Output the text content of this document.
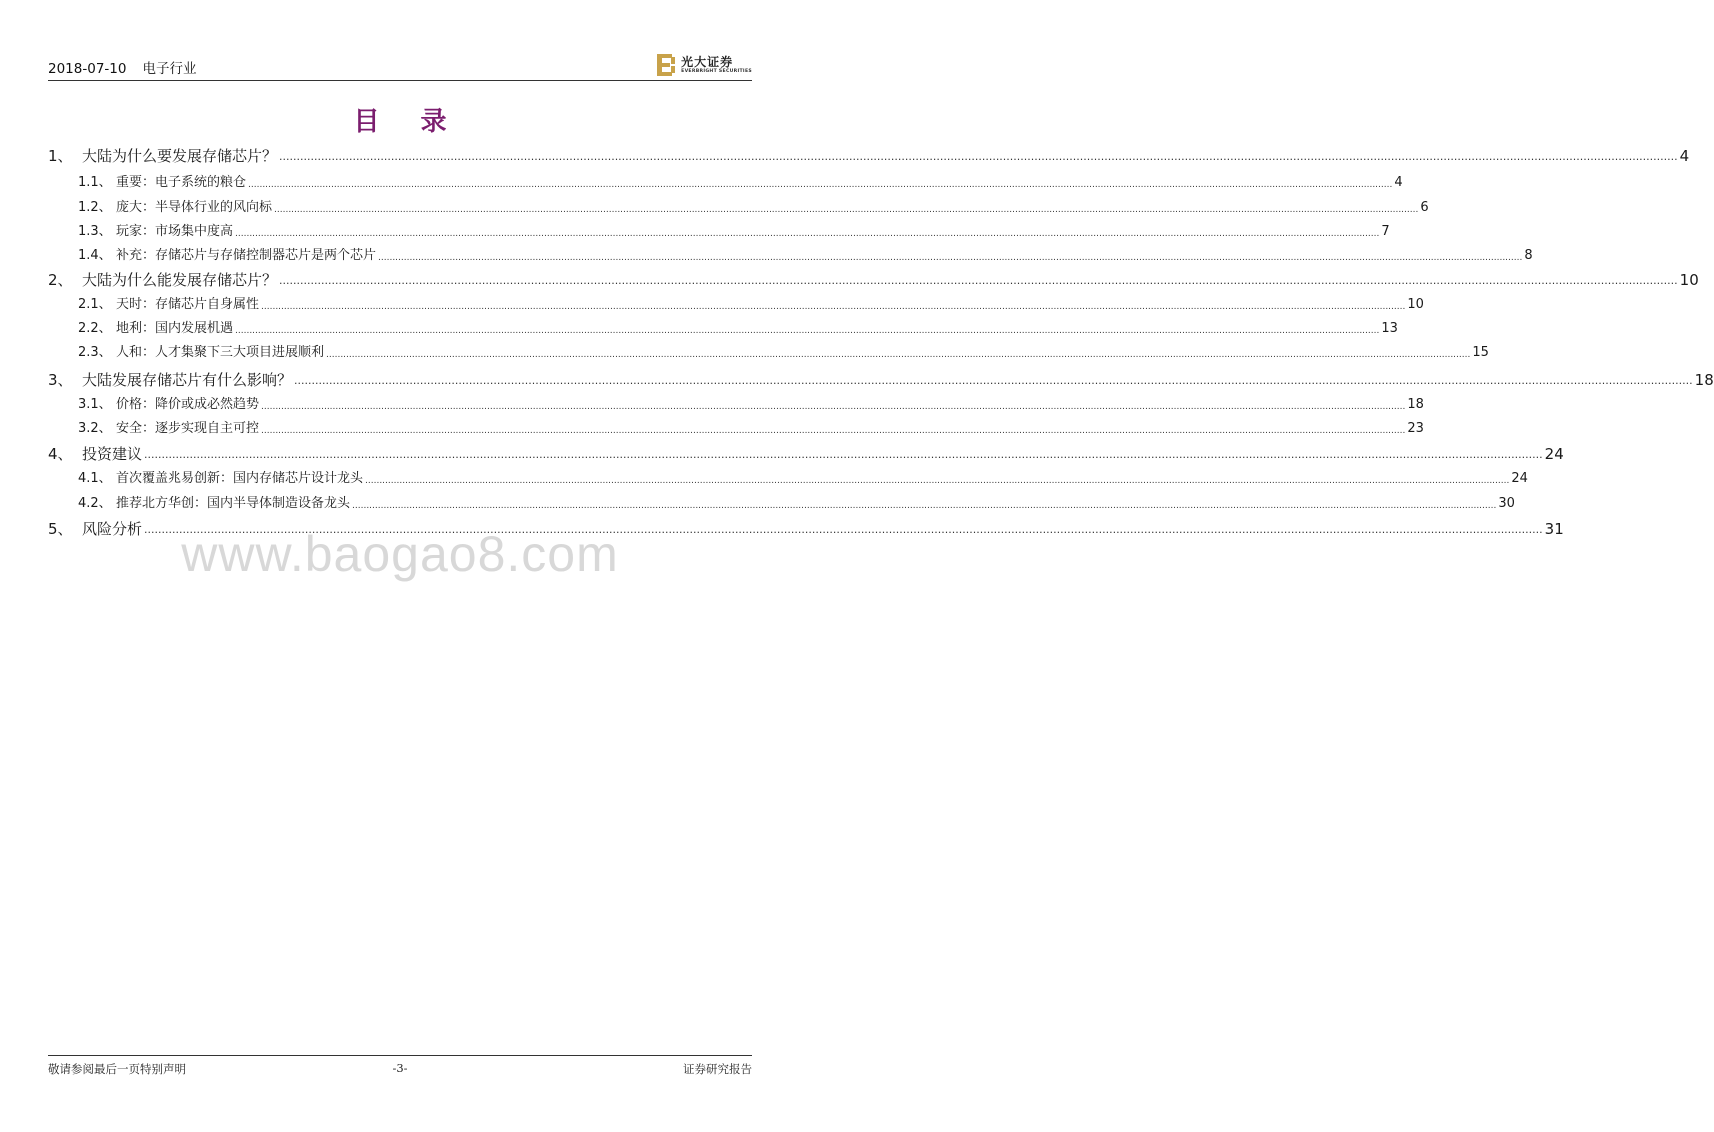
2018-07-10 电子行业	光大证券
EVERBRIGHT SECURITIES
目 录
www.baogao8.com
1、 大陆为什么要发展存储芯片？ ................................................................................................................................................................................................................................................................................................................................................................................................................ 4
1.1、 重要：电子系统的粮仓 ................................................................................................................................................................................................................................................................................................................................................................................................................ 4
1.2、 庞大：半导体行业的风向标 ................................................................................................................................................................................................................................................................................................................................................................................................................ 6
1.3、 玩家：市场集中度高 ................................................................................................................................................................................................................................................................................................................................................................................................................ 7
1.4、 补充：存储芯片与存储控制器芯片是两个芯片 ................................................................................................................................................................................................................................................................................................................................................................................................................ 8
2、 大陆为什么能发展存储芯片？ ................................................................................................................................................................................................................................................................................................................................................................................................................ 10
2.1、 天时：存储芯片自身属性 ................................................................................................................................................................................................................................................................................................................................................................................................................ 10
2.2、 地利：国内发展机遇 ................................................................................................................................................................................................................................................................................................................................................................................................................ 13
2.3、 人和：人才集聚下三大项目进展顺利 ................................................................................................................................................................................................................................................................................................................................................................................................................ 15
3、 大陆发展存储芯片有什么影响？ ................................................................................................................................................................................................................................................................................................................................................................................................................ 18
3.1、 价格：降价或成必然趋势 ................................................................................................................................................................................................................................................................................................................................................................................................................ 18
3.2、 安全：逐步实现自主可控 ................................................................................................................................................................................................................................................................................................................................................................................................................ 23
4、 投资建议 ................................................................................................................................................................................................................................................................................................................................................................................................................ 24
4.1、 首次覆盖兆易创新：国内存储芯片设计龙头 ................................................................................................................................................................................................................................................................................................................................................................................................................ 24
4.2、 推荐北方华创：国内半导体制造设备龙头 ................................................................................................................................................................................................................................................................................................................................................................................................................ 30
5、 风险分析 ................................................................................................................................................................................................................................................................................................................................................................................................................ 31
敬请参阅最后一页特别声明	-3-	证券研究报告
